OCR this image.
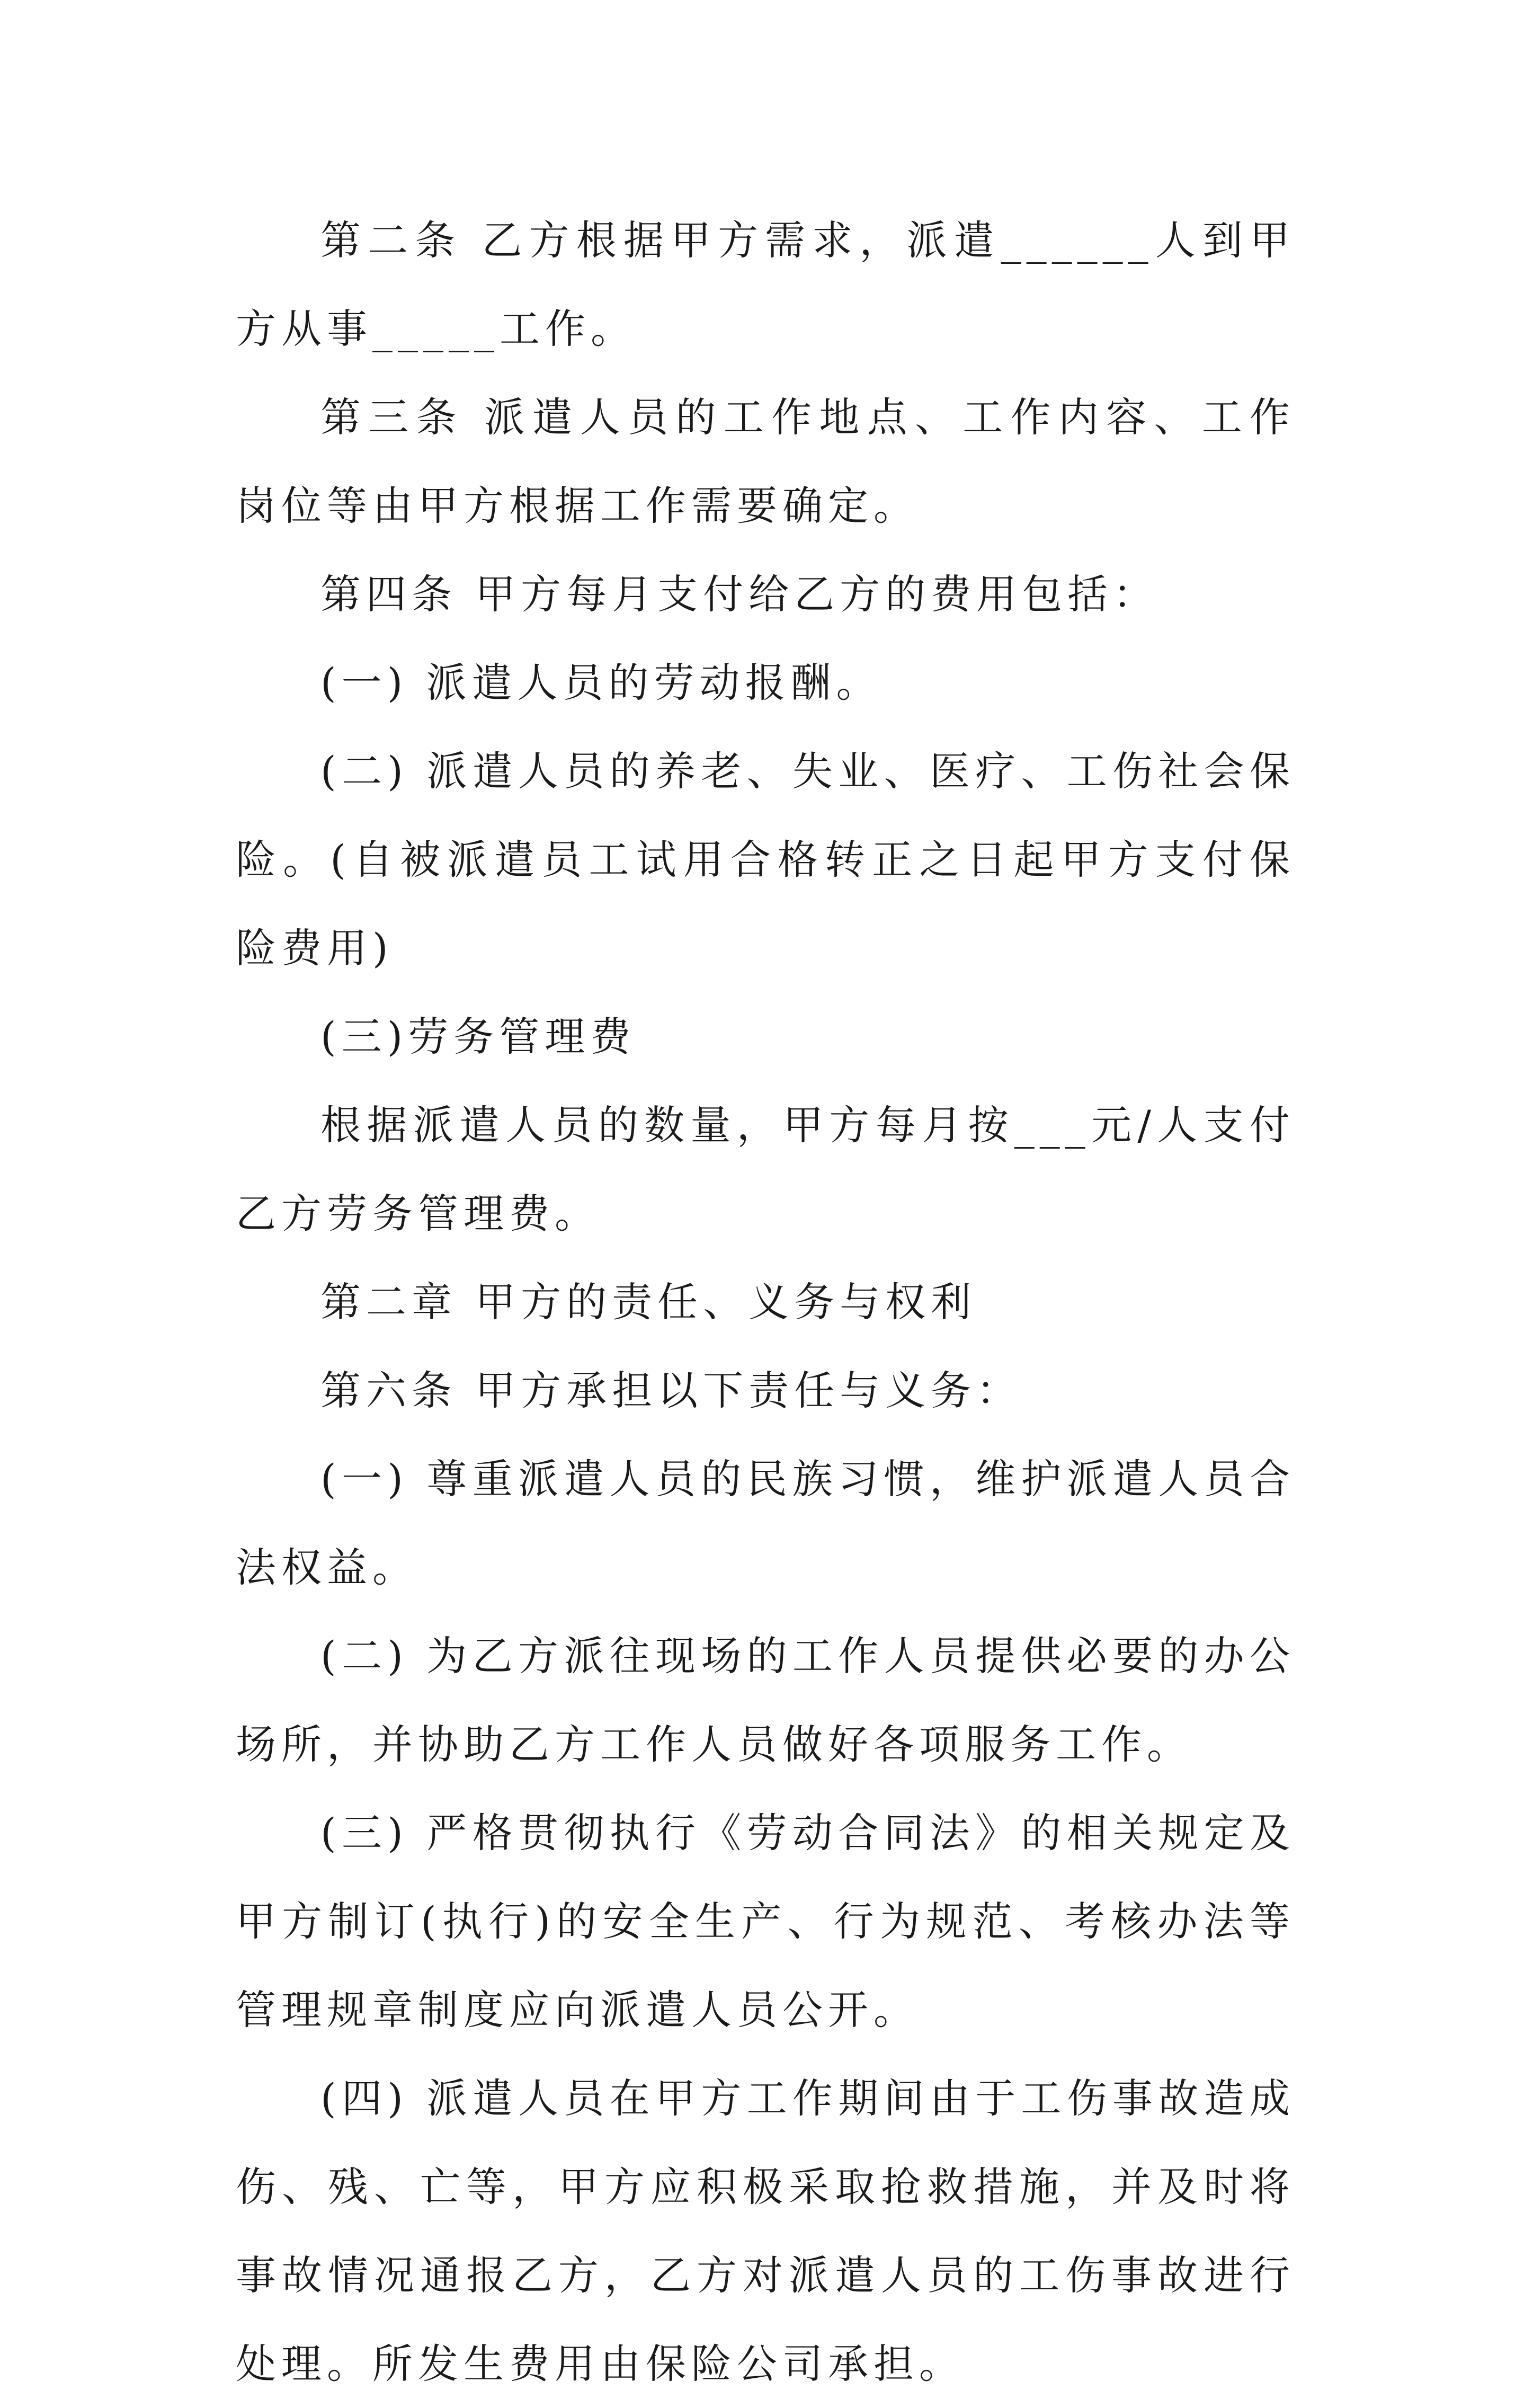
第二条 乙方根据甲方需求，派遣______人到甲方从事_____工作。

第三条 派遣人员的工作地点、工作内容、工作岗位等由甲方根据工作需要确定。

第四条 甲方每月支付给乙方的费用包括：

(一) 派遣人员的劳动报酬。

(二) 派遣人员的养老、失业、医疗、工伤社会保险。(自被派遣员工试用合格转正之日起甲方支付保险费用)

(三)劳务管理费

根据派遣人员的数量，甲方每月按___元/人支付乙方劳务管理费。

第二章 甲方的责任、义务与权利

第六条 甲方承担以下责任与义务：

(一) 尊重派遣人员的民族习惯，维护派遣人员合法权益。

(二) 为乙方派往现场的工作人员提供必要的办公场所，并协助乙方工作人员做好各项服务工作。

(三) 严格贯彻执行《劳动合同法》的相关规定及甲方制订(执行)的安全生产、行为规范、考核办法等管理规章制度应向派遣人员公开。

(四) 派遣人员在甲方工作期间由于工伤事故造成伤、残、亡等，甲方应积极采取抢救措施，并及时将事故情况通报乙方，乙方对派遣人员的工伤事故进行处理。所发生费用由保险公司承担。
